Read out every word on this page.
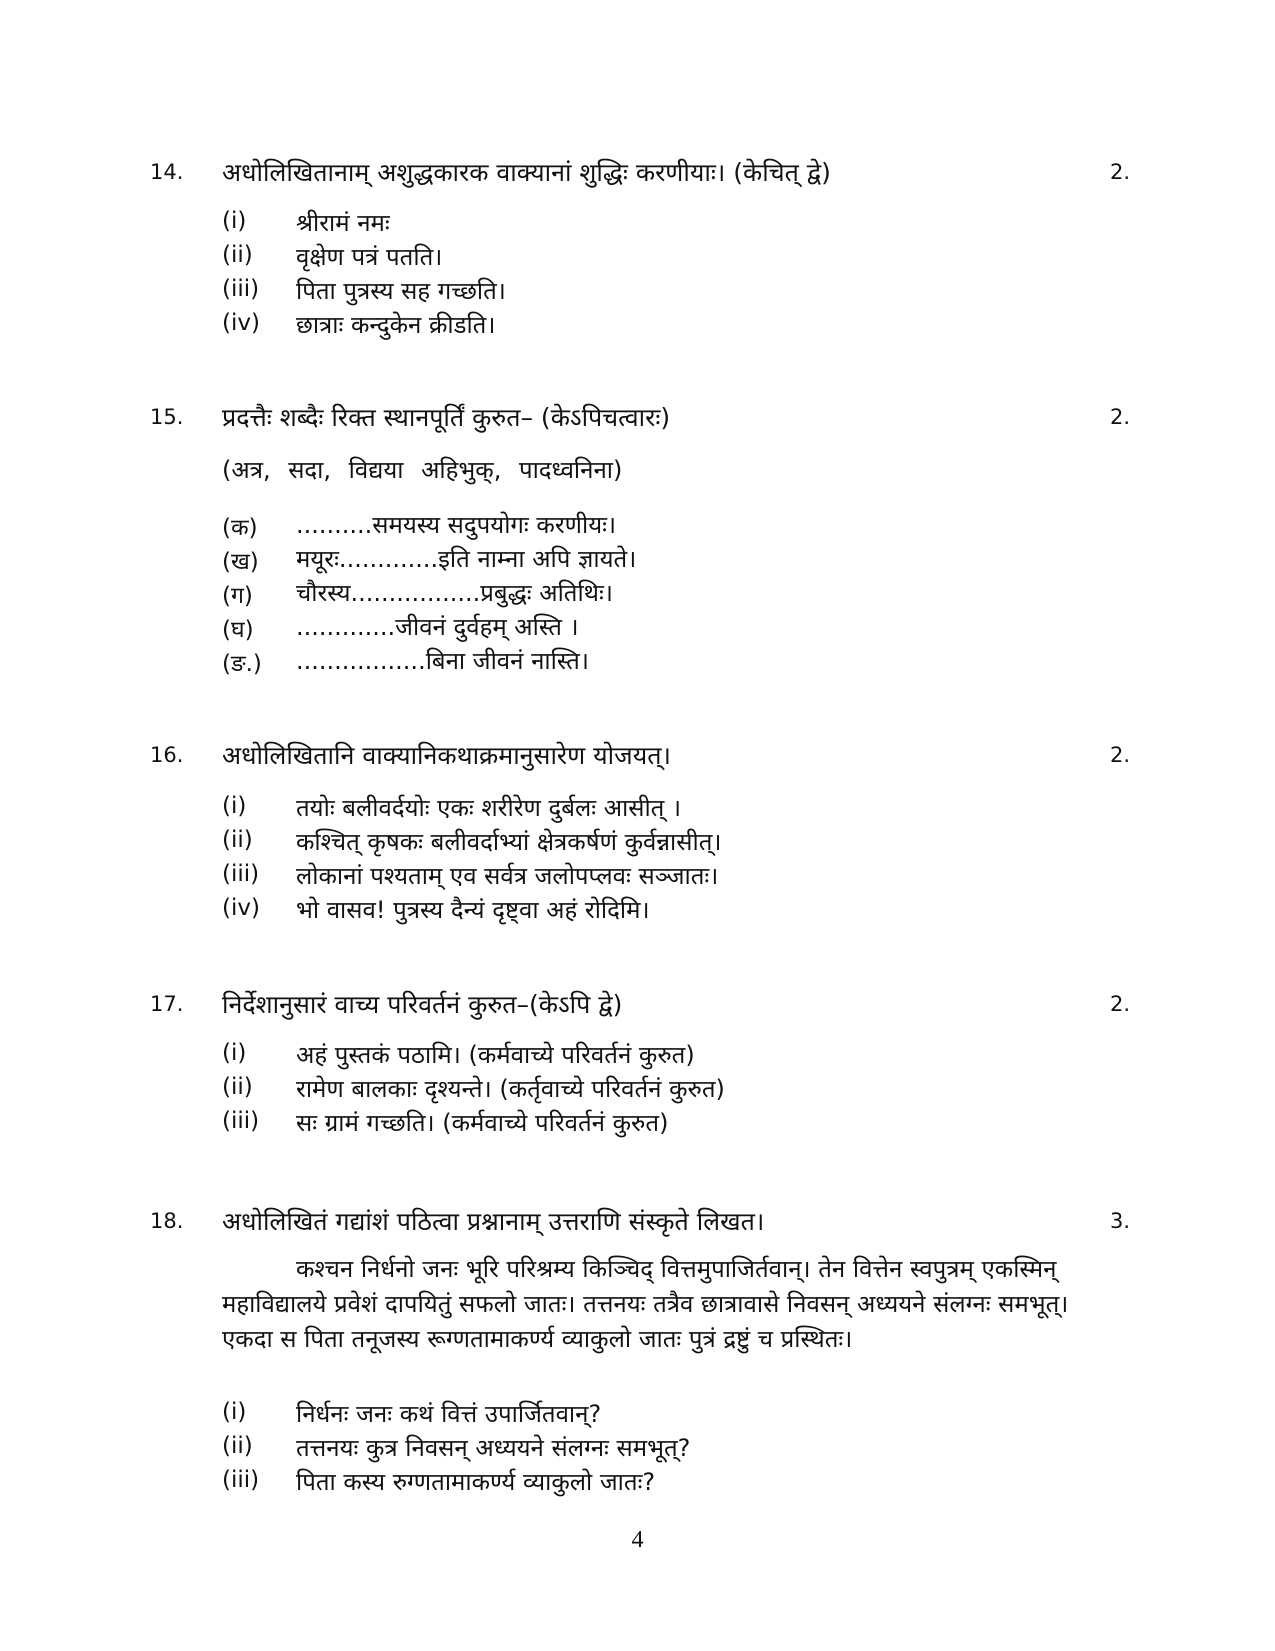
14. अधोलिखितानाम् अशुद्धकारक वाक्यानां शुद्धिः करणीयाः। (केचित् द्वे)	2.
(i) श्रीरामं नमः
(ii) वृक्षेण पत्रं पतति।
(iii) पिता पुत्रस्य सह गच्छति।
(iv) छात्राः कन्दुकेन क्रीडति।
15. प्रदत्तैः शब्दैः रिक्त स्थानपूर्तिं कुरुत– (केऽपिचत्वारः)	2.
(अत्र, सदा, विद्यया अहिभुक्, पादध्वनिना)
(क) ..........समयस्य सदुपयोगः करणीयः।
(ख) मयूरः.............इति नाम्ना अपि ज्ञायते।
(ग) चौरस्य.................प्रबुद्धः अतिथिः।
(घ) .............जीवनं दुर्वहम् अस्ति ।
(ङ.) .................बिना जीवनं नास्ति।
16. अधोलिखितानि वाक्यानिकथाक्रमानुसारेण योजयत्।	2.
(i) तयोः बलीवर्दयोः एकः शरीरेण दुर्बलः आसीत् ।
(ii) कश्चित् कृषकः बलीवर्दाभ्यां क्षेत्रकर्षणं कुर्वन्नासीत्।
(iii) लोकानां पश्यताम् एव सर्वत्र जलोपप्लवः सञ्जातः।
(iv) भो वासव! पुत्रस्य दैन्यं दृष्ट्वा अहं रोदिमि।
17. निर्देशानुसारं वाच्य परिवर्तनं कुरुत–(केऽपि द्वे)	2.
(i) अहं पुस्तकं पठामि। (कर्मवाच्ये परिवर्तनं कुरुत)
(ii) रामेण बालकाः दृश्यन्ते। (कर्तृवाच्ये परिवर्तनं कुरुत)
(iii) सः ग्रामं गच्छति। (कर्मवाच्ये परिवर्तनं कुरुत)
18. अधोलिखितं गद्यांशं पठित्वा प्रश्नानाम् उत्तराणि संस्कृते लिखत।	3.

कश्चन निर्धनो जनः भूरि परिश्रम्य किञ्चिद् वित्तमुपाजिर्तवान्। तेन वित्तेन स्वपुत्रम् एकस्मिन् महाविद्यालये प्रवेशं दापयितुं सफलो जातः। तत्तनयः तत्रैव छात्रावासे निवसन् अध्ययने संलग्नः समभूत्। एकदा स पिता तनूजस्य रूग्णतामाकर्ण्य व्याकुलो जातः पुत्रं द्रष्टुं च प्रस्थितः।

(i) निर्धनः जनः कथं वित्तं उपार्जितवान्?
(ii) तत्तनयः कुत्र निवसन् अध्ययने संलग्नः समभूत्?
(iii) पिता कस्य रुग्णतामाकर्ण्य व्याकुलो जातः?
4
